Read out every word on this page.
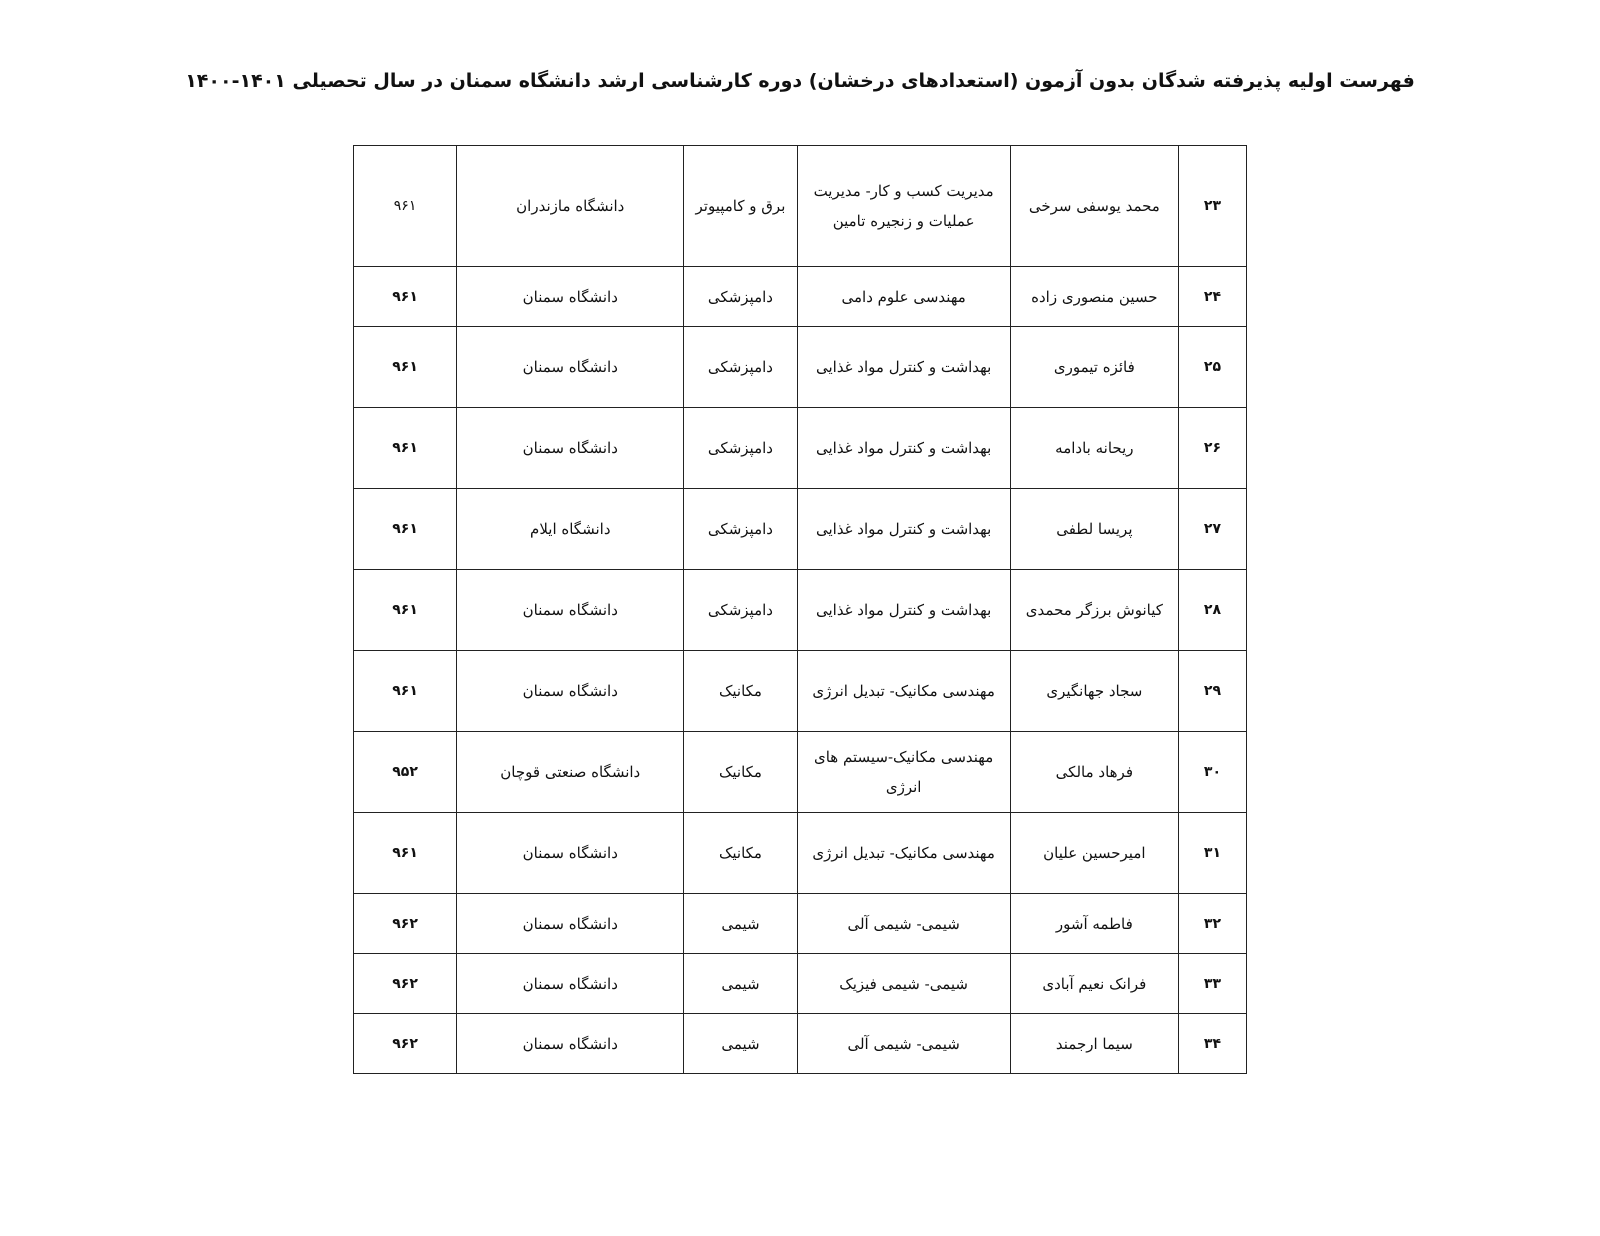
فهرست اولیه پذیرفته شدگان بدون آزمون (استعدادهای درخشان) دوره کارشناسی ارشد دانشگاه سمنان در سال تحصیلی ۱۴۰۱-۱۴۰۰
۲۳	محمد یوسفی سرخی	مدیریت کسب و کار- مدیریت عملیات و زنجیره تامین	برق و کامپیوتر	دانشگاه مازندران	۹۶۱
۲۴	حسین منصوری زاده	مهندسی علوم دامی	دامپزشکی	دانشگاه سمنان	۹۶۱
۲۵	فائزه تیموری	بهداشت و کنترل مواد غذایی	دامپزشکی	دانشگاه سمنان	۹۶۱
۲۶	ریحانه بادامه	بهداشت و کنترل مواد غذایی	دامپزشکی	دانشگاه سمنان	۹۶۱
۲۷	پریسا لطفی	بهداشت و کنترل مواد غذایی	دامپزشکی	دانشگاه ایلام	۹۶۱
۲۸	کیانوش برزگر محمدی	بهداشت و کنترل مواد غذایی	دامپزشکی	دانشگاه سمنان	۹۶۱
۲۹	سجاد جهانگیری	مهندسی مکانیک- تبدیل انرژی	مکانیک	دانشگاه سمنان	۹۶۱
۳۰	فرهاد مالکی	مهندسی مکانیک-سیستم های انرژی	مکانیک	دانشگاه صنعتی قوچان	۹۵۲
۳۱	امیرحسین علیان	مهندسی مکانیک- تبدیل انرژی	مکانیک	دانشگاه سمنان	۹۶۱
۳۲	فاطمه آشور	شیمی- شیمی آلی	شیمی	دانشگاه سمنان	۹۶۲
۳۳	فرانک نعیم آبادی	شیمی- شیمی فیزیک	شیمی	دانشگاه سمنان	۹۶۲
۳۴	سیما ارجمند	شیمی- شیمی آلی	شیمی	دانشگاه سمنان	۹۶۲
